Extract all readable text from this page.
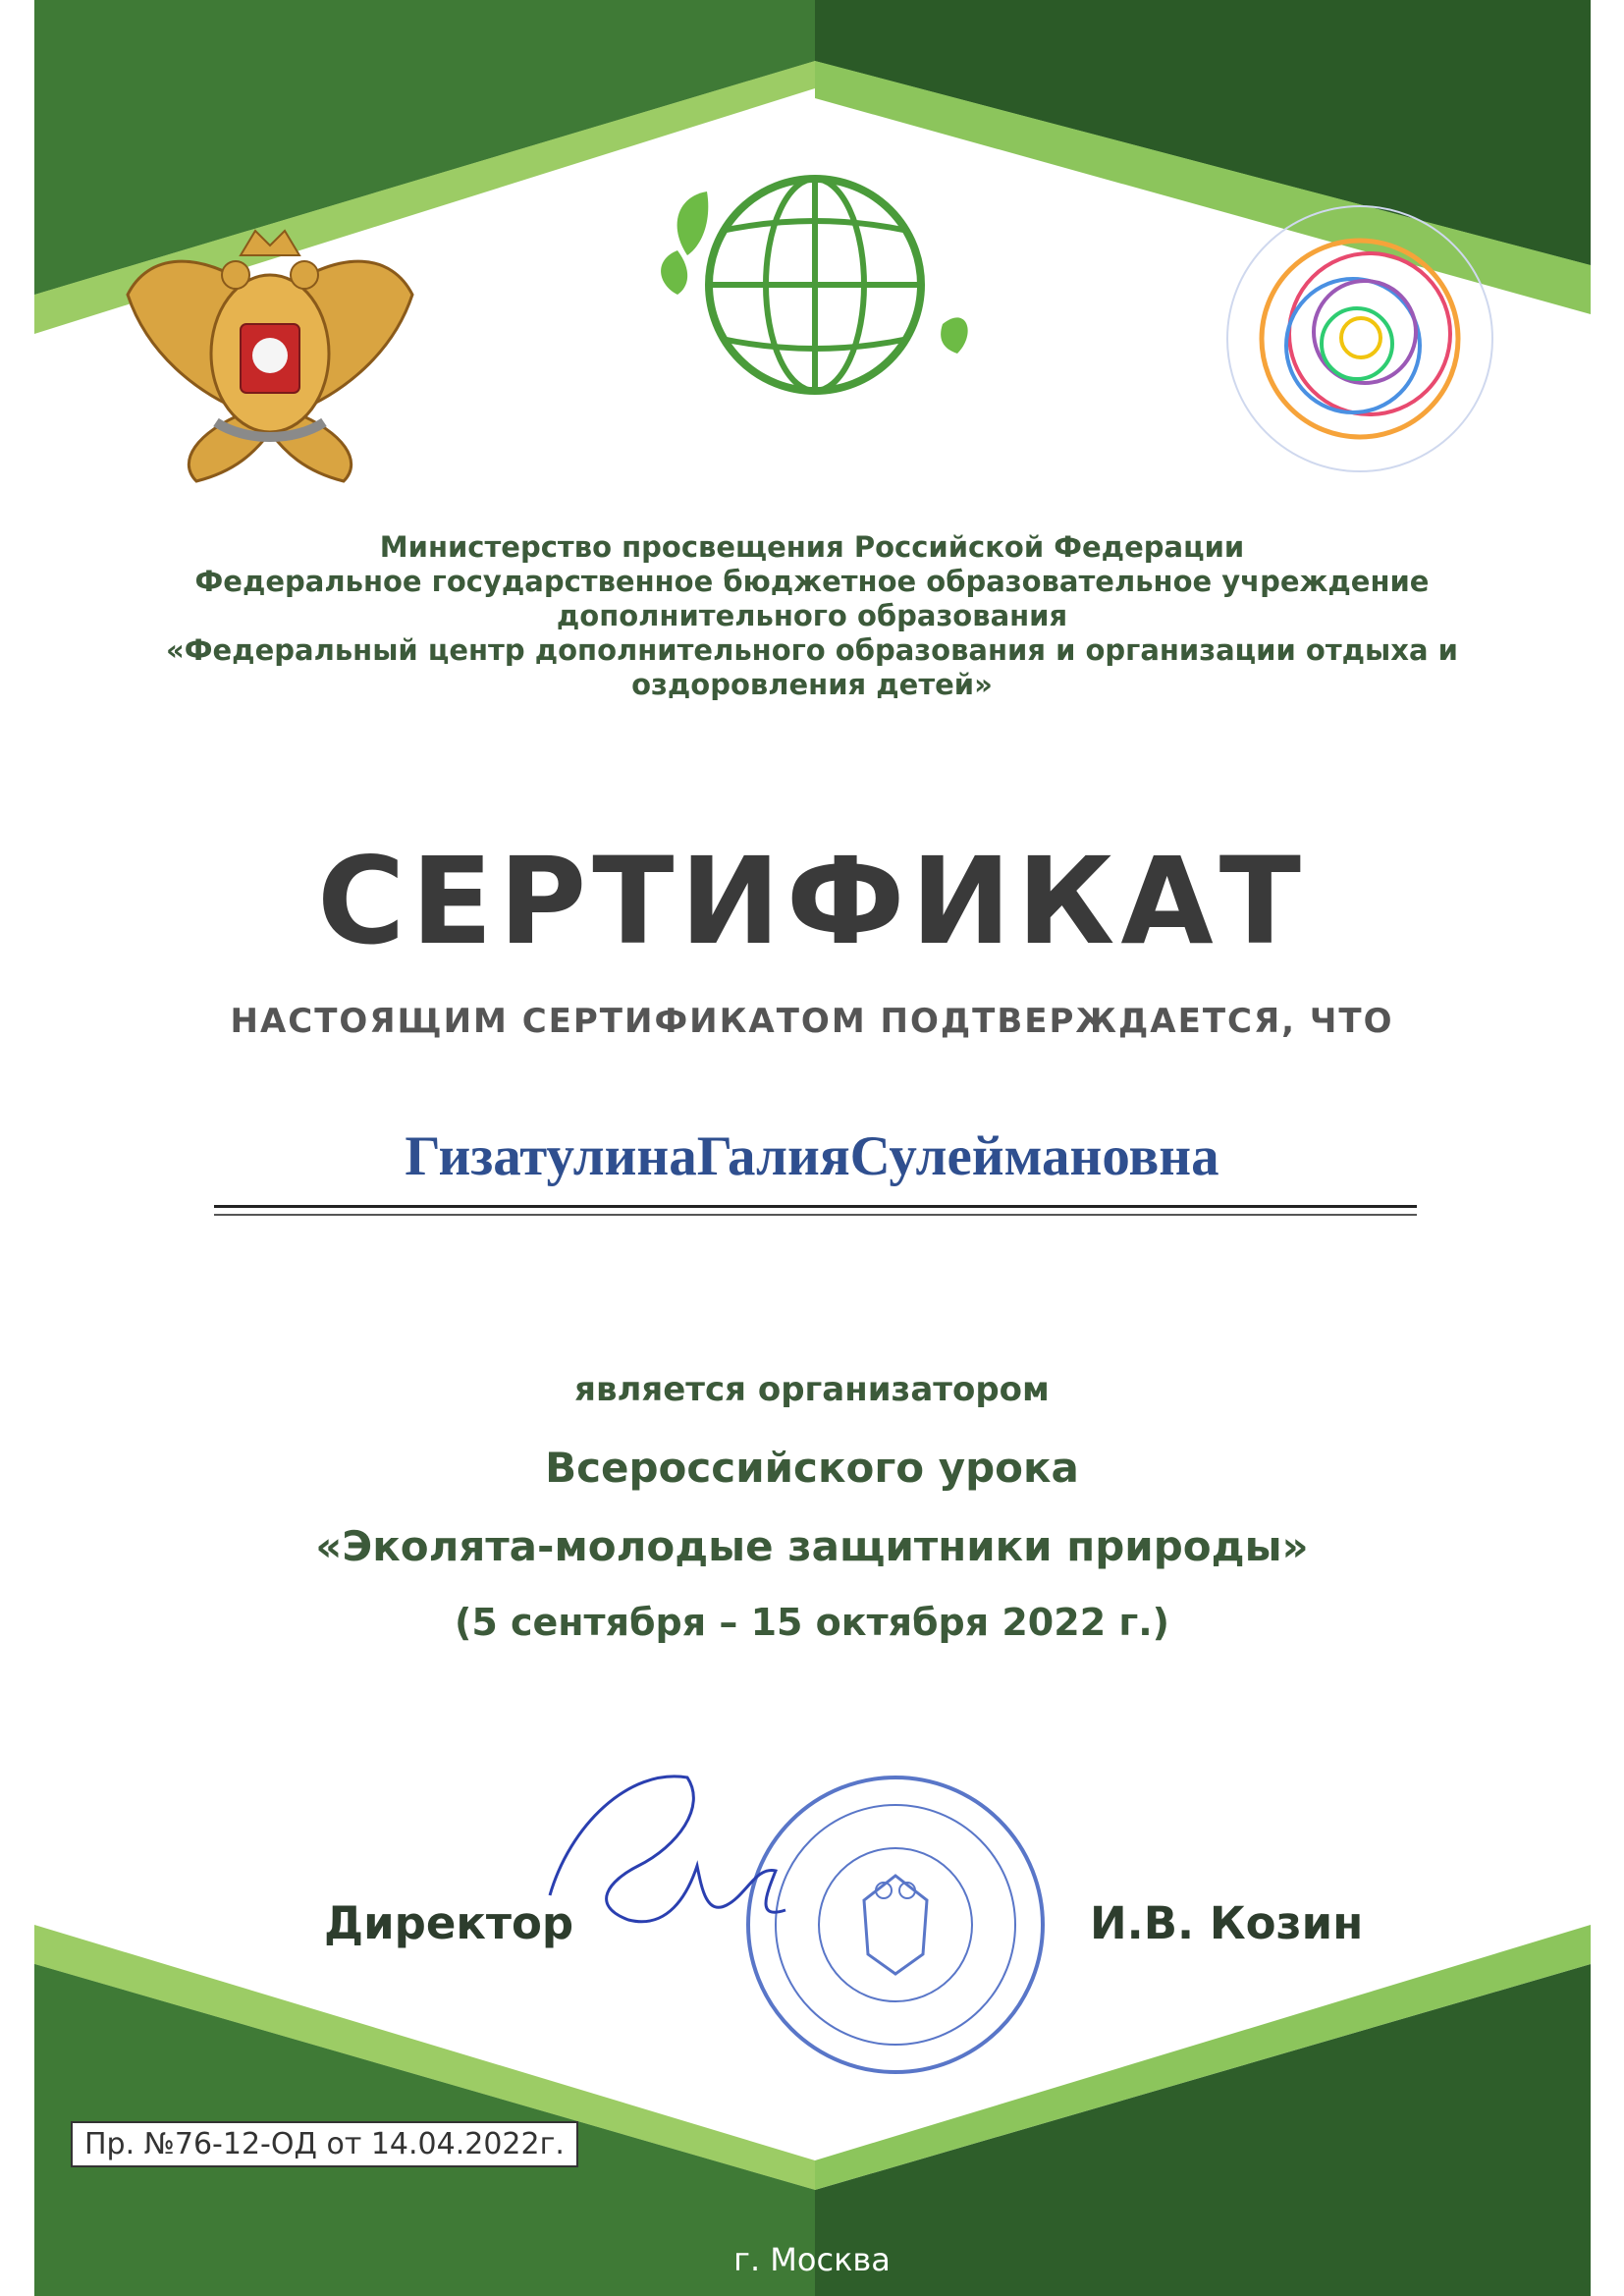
Министерство просвещения Российской Федерации
Федеральное государственное бюджетное образовательное учреждение
дополнительного образования
«Федеральный центр дополнительного образования и организации отдыха и
оздоровления детей»
СЕРТИФИКАТ
НАСТОЯЩИМ СЕРТИФИКАТОМ ПОДТВЕРЖДАЕТСЯ, ЧТО
ГизатулинаГалияСулеймановна
является организатором
Всероссийского урока
«Эколята-молодые защитники природы»
(5 сентября – 15 октября 2022 г.)
Директор	И.В. Козин
Пр. №76-12-ОД от 14.04.2022г.
г. Москва
